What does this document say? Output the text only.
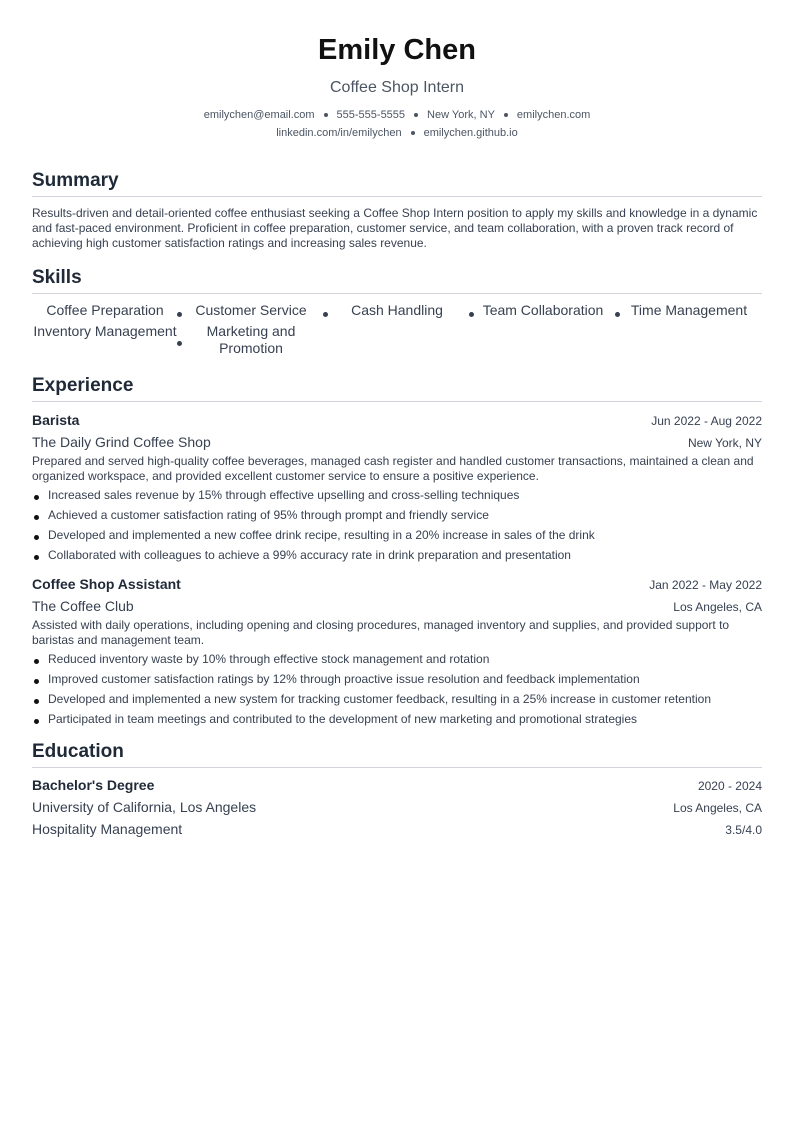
Emily Chen
Coffee Shop Intern
emilychen@email.com 555-555-5555 New York, NY emilychen.com
linkedin.com/in/emilychen emilychen.github.io
Summary

Results-driven and detail-oriented coffee enthusiast seeking a Coffee Shop Intern position to apply my skills and knowledge in a dynamic and fast-paced environment. Proficient in coffee preparation, customer service, and team collaboration, with a proven track record of achieving high customer satisfaction ratings and increasing sales revenue.

Skills
Coffee Preparation	Customer Service	Cash Handling	Team Collaboration	Time Management
Inventory Management	Marketing and Promotion
Experience
Barista	Jun 2022 - Aug 2022
The Daily Grind Coffee Shop	New York, NY

Prepared and served high-quality coffee beverages, managed cash register and handled customer transactions, maintained a clean and organized workspace, and provided excellent customer service to ensure a positive experience.

Increased sales revenue by 15% through effective upselling and cross-selling techniques
Achieved a customer satisfaction rating of 95% through prompt and friendly service
Developed and implemented a new coffee drink recipe, resulting in a 20% increase in sales of the drink
Collaborated with colleagues to achieve a 99% accuracy rate in drink preparation and presentation
Coffee Shop Assistant	Jan 2022 - May 2022
The Coffee Club	Los Angeles, CA

Assisted with daily operations, including opening and closing procedures, managed inventory and supplies, and provided support to baristas and management team.

Reduced inventory waste by 10% through effective stock management and rotation
Improved customer satisfaction ratings by 12% through proactive issue resolution and feedback implementation
Developed and implemented a new system for tracking customer feedback, resulting in a 25% increase in customer retention
Participated in team meetings and contributed to the development of new marketing and promotional strategies
Education
Bachelor's Degree	2020 - 2024
University of California, Los Angeles	Los Angeles, CA
Hospitality Management	3.5/4.0
